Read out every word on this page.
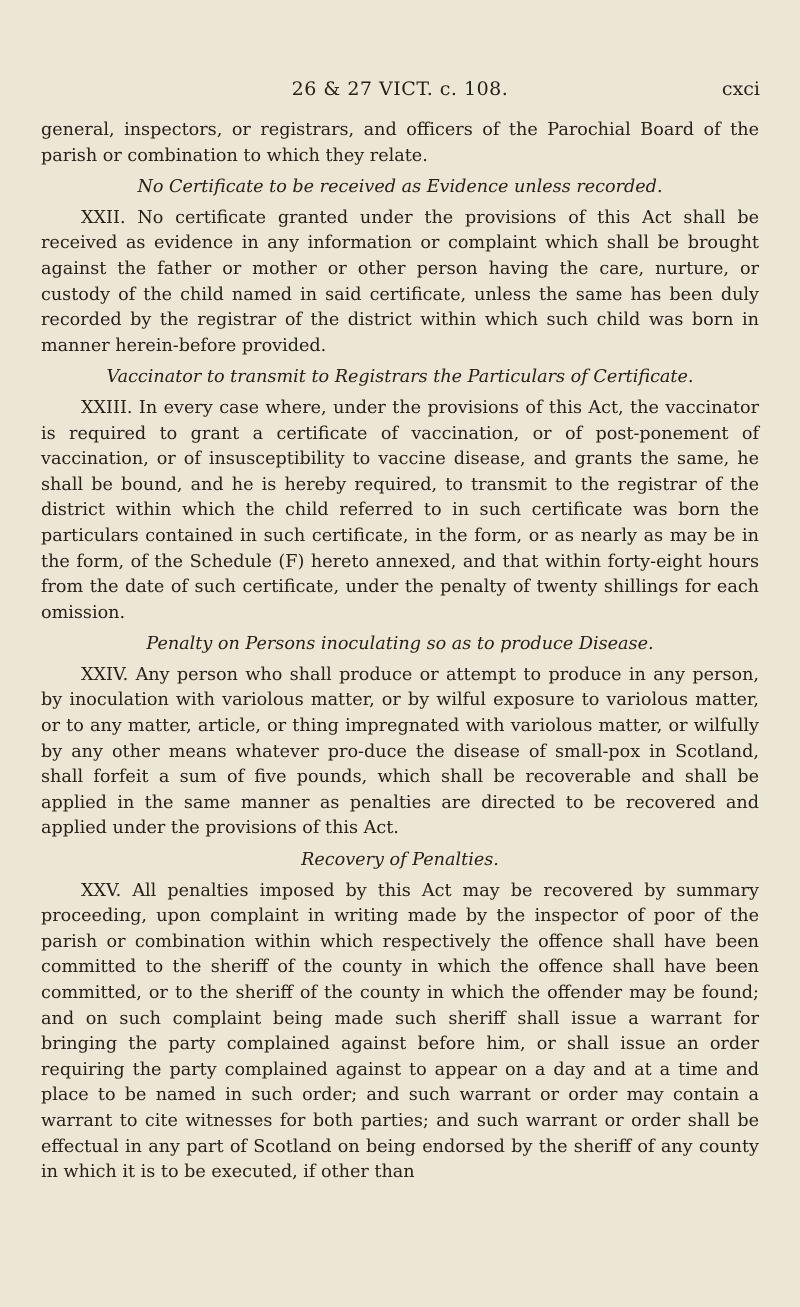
26 & 27 VICT. c. 108.	cxci

general, inspectors, or registrars, and officers of the Parochial Board of the parish or combination to which they relate.

No Certificate to be received as Evidence unless recorded.

XXII. No certificate granted under the provisions of this Act shall be received as evidence in any information or complaint which shall be brought against the father or mother or other person having the care, nurture, or custody of the child named in said certificate, unless the same has been duly recorded by the registrar of the district within which such child was born in manner herein-before provided.

Vaccinator to transmit to Registrars the Particulars of Certificate.

XXIII. In every case where, under the provisions of this Act, the vaccinator is required to grant a certificate of vaccination, or of post-ponement of vaccination, or of insusceptibility to vaccine disease, and grants the same, he shall be bound, and he is hereby required, to transmit to the registrar of the district within which the child referred to in such certificate was born the particulars contained in such certificate, in the form, or as nearly as may be in the form, of the Schedule (F) hereto annexed, and that within forty-eight hours from the date of such certificate, under the penalty of twenty shillings for each omission.

Penalty on Persons inoculating so as to produce Disease.

XXIV. Any person who shall produce or attempt to produce in any person, by inoculation with variolous matter, or by wilful exposure to variolous matter, or to any matter, article, or thing impregnated with variolous matter, or wilfully by any other means whatever pro-duce the disease of small-pox in Scotland, shall forfeit a sum of five pounds, which shall be recoverable and shall be applied in the same manner as penalties are directed to be recovered and applied under the provisions of this Act.

Recovery of Penalties.

XXV. All penalties imposed by this Act may be recovered by summary proceeding, upon complaint in writing made by the inspector of poor of the parish or combination within which respectively the offence shall have been committed to the sheriff of the county in which the offence shall have been committed, or to the sheriff of the county in which the offender may be found; and on such complaint being made such sheriff shall issue a warrant for bringing the party complained against before him, or shall issue an order requiring the party complained against to appear on a day and at a time and place to be named in such order; and such warrant or order may contain a warrant to cite witnesses for both parties; and such warrant or order shall be effectual in any part of Scotland on being endorsed by the sheriff of any county in which it is to be executed, if other than
